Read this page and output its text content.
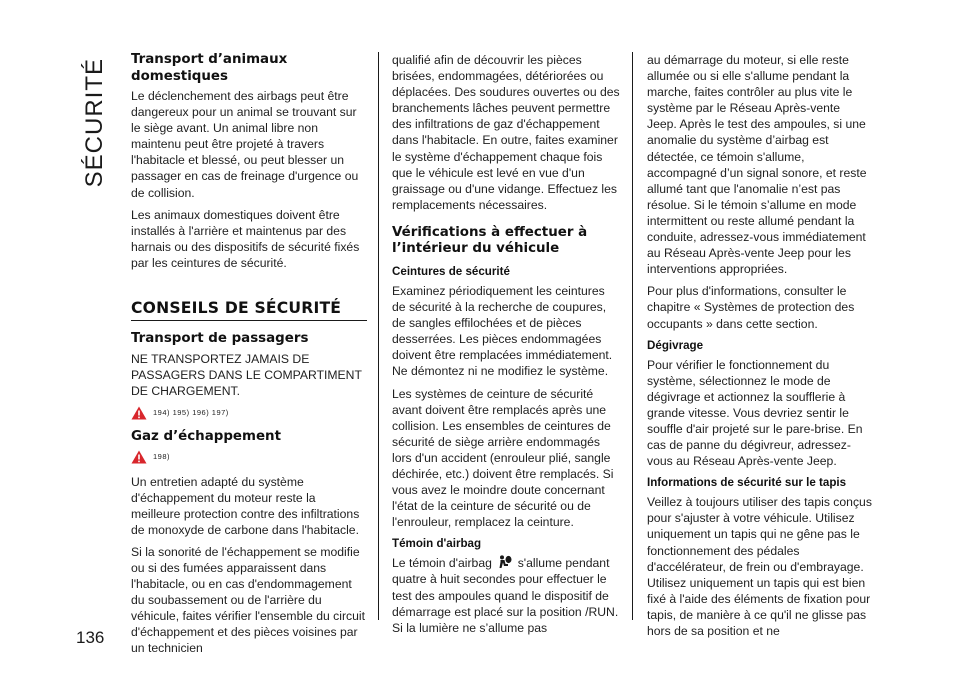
SÉCURITÉ
136
Transport d’animaux domestiques

Le déclenchement des airbags peut être dangereux pour un animal se trouvant sur le siège avant. Un animal libre non maintenu peut être projeté à travers l'habitacle et blessé, ou peut blesser un passager en cas de freinage d'urgence ou de collision.

Les animaux domestiques doivent être installés à l'arrière et maintenus par des harnais ou des dispositifs de sécurité fixés par les ceintures de sécurité.

CONSEILS DE SÉCURITÉ
Transport de passagers

NE TRANSPORTEZ JAMAIS DE PASSAGERS DANS LE COMPARTIMENT DE CHARGEMENT.

194) 195) 196) 197)
Gaz d’échappement
198)

Un entretien adapté du système d'échappement du moteur reste la meilleure protection contre des infiltrations de monoxyde de carbone dans l'habitacle.

Si la sonorité de l'échappement se modifie ou si des fumées apparaissent dans l'habitacle, ou en cas d'endommagement du soubassement ou de l'arrière du véhicule, faites vérifier l'ensemble du circuit d'échappement et des pièces voisines par un technicien

qualifié afin de découvrir les pièces brisées, endommagées, détériorées ou déplacées. Des soudures ouvertes ou des branchements lâches peuvent permettre des infiltrations de gaz d'échappement dans l'habitacle. En outre, faites examiner le système d'échappement chaque fois que le véhicule est levé en vue d'un graissage ou d'une vidange. Effectuez les remplacements nécessaires.

Vérifications à effectuer à l’intérieur du véhicule
Ceintures de sécurité

Examinez périodiquement les ceintures de sécurité à la recherche de coupures, de sangles effilochées et de pièces desserrées. Les pièces endommagées doivent être remplacées immédiatement. Ne démontez ni ne modifiez le système.

Les systèmes de ceinture de sécurité avant doivent être remplacés après une collision. Les ensembles de ceintures de sécurité de siège arrière endommagés lors d'un accident (enrouleur plié, sangle déchirée, etc.) doivent être remplacés. Si vous avez le moindre doute concernant l'état de la ceinture de sécurité ou de l'enrouleur, remplacez la ceinture.

Témoin d'airbag

Le témoin d'airbag s'allume pendant quatre à huit secondes pour effectuer le test des ampoules quand le dispositif de démarrage est placé sur la position /RUN. Si la lumière ne s’allume pas

au démarrage du moteur, si elle reste allumée ou si elle s'allume pendant la marche, faites contrôler au plus vite le système par le Réseau Après-vente Jeep. Après le test des ampoules, si une anomalie du système d’airbag est détectée, ce témoin s'allume, accompagné d’un signal sonore, et reste allumé tant que l'anomalie n’est pas résolue. Si le témoin s’allume en mode intermittent ou reste allumé pendant la conduite, adressez-vous immédiatement au Réseau Après-vente Jeep pour les interventions appropriées.

Pour plus d'informations, consulter le chapitre « Systèmes de protection des occupants » dans cette section.

Dégivrage

Pour vérifier le fonctionnement du système, sélectionnez le mode de dégivrage et actionnez la soufflerie à grande vitesse. Vous devriez sentir le souffle d'air projeté sur le pare-brise. En cas de panne du dégivreur, adressez-vous au Réseau Après-vente Jeep.

Informations de sécurité sur le tapis

Veillez à toujours utiliser des tapis conçus pour s'ajuster à votre véhicule. Utilisez uniquement un tapis qui ne gêne pas le fonctionnement des pédales d'accélérateur, de frein ou d'embrayage. Utilisez uniquement un tapis qui est bien fixé à l'aide des éléments de fixation pour tapis, de manière à ce qu'il ne glisse pas hors de sa position et ne
